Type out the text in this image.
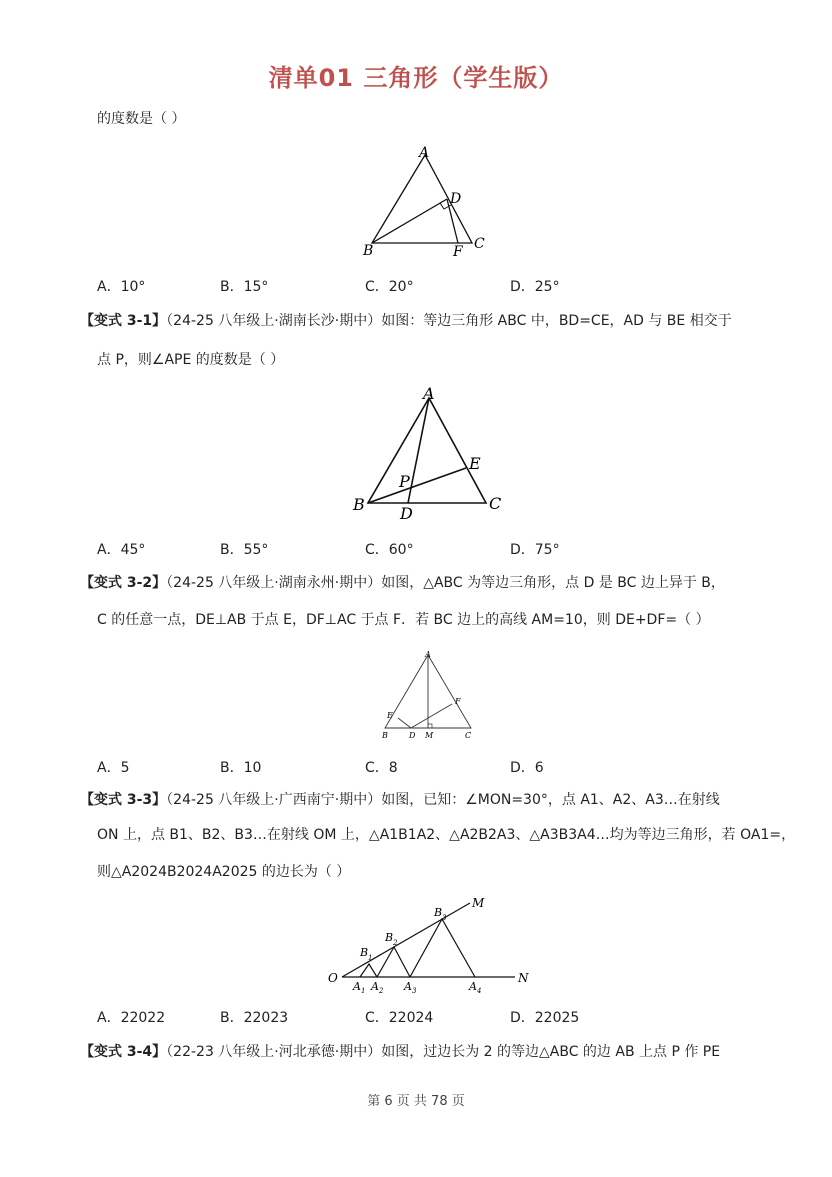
清单01 三角形（学生版）
的度数是（ ）
A
B	C
D
F
A．10°	B．15°	C．20°	D．25°
【变式 3-1】（24-25 八年级上·湖南长沙·期中）如图：等边三角形 ABC 中，BD=CE，AD 与 BE 相交于
点 P，则∠APE 的度数是（ ）
A
B	C
D
E
P
A．45°	B．55°	C．60°	D．75°
【变式 3-2】（24-25 八年级上·湖南永州·期中）如图，△ABC 为等边三角形，点 D 是 BC 边上异于 B，
C 的任意一点，DE⊥AB 于点 E，DF⊥AC 于点 F．若 BC 边上的高线 AM=10，则 DE+DF=（ ）
A
B	C
D
E
F
M
A．5	B．10	C．8	D．6
【变式 3-3】（24-25 八年级上·广西南宁·期中）如图，已知：∠MON=30°，点 A1、A2、A3…在射线
ON 上，点 B1、B2、B3…在射线 OM 上，△A1B1A2、△A2B2A3、△A3B3A4…均为等边三角形，若 OA1=，
则△A2024B2024A2025 的边长为（ ）
O
M
N
B 1
B 2
B 3
A 1 A 2 A 3	A 4
A．22022	B．22023	C．22024	D．22025
【变式 3-4】（22-23 八年级上·河北承德·期中）如图，过边长为 2 的等边△ABC 的边 AB 上点 P 作 PE
第 6 页 共 78 页
